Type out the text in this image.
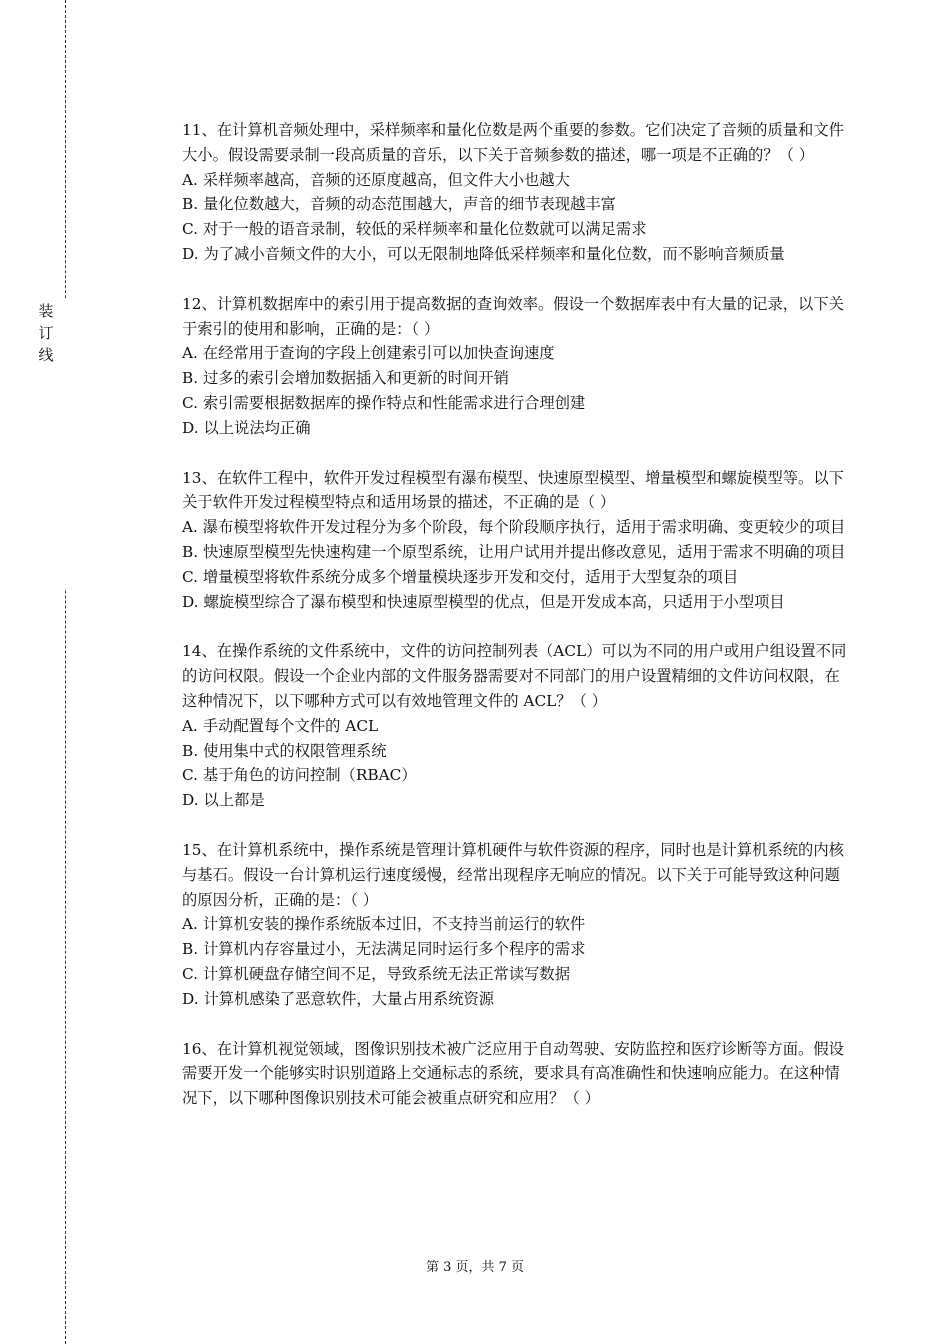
装
订
线

11、在计算机音频处理中，采样频率和量化位数是两个重要的参数。它们决定了音频的质量和文件大小。假设需要录制一段高质量的音乐，以下关于音频参数的描述，哪一项是不正确的？（ ）

A. 采样频率越高，音频的还原度越高，但文件大小也越大

B. 量化位数越大，音频的动态范围越大，声音的细节表现越丰富

C. 对于一般的语音录制，较低的采样频率和量化位数就可以满足需求

D. 为了减小音频文件的大小，可以无限制地降低采样频率和量化位数，而不影响音频质量

12、计算机数据库中的索引用于提高数据的查询效率。假设一个数据库表中有大量的记录，以下关于索引的使用和影响，正确的是：（ ）

A. 在经常用于查询的字段上创建索引可以加快查询速度

B. 过多的索引会增加数据插入和更新的时间开销

C. 索引需要根据数据库的操作特点和性能需求进行合理创建

D. 以上说法均正确

13、在软件工程中，软件开发过程模型有瀑布模型、快速原型模型、增量模型和螺旋模型等。以下关于软件开发过程模型特点和适用场景的描述，不正确的是（ ）

A. 瀑布模型将软件开发过程分为多个阶段，每个阶段顺序执行，适用于需求明确、变更较少的项目

B. 快速原型模型先快速构建一个原型系统，让用户试用并提出修改意见，适用于需求不明确的项目

C. 增量模型将软件系统分成多个增量模块逐步开发和交付，适用于大型复杂的项目

D. 螺旋模型综合了瀑布模型和快速原型模型的优点，但是开发成本高，只适用于小型项目

14、在操作系统的文件系统中，文件的访问控制列表（ACL）可以为不同的用户或用户组设置不同的访问权限。假设一个企业内部的文件服务器需要对不同部门的用户设置精细的文件访问权限，在这种情况下，以下哪种方式可以有效地管理文件的 ACL？（ ）

A. 手动配置每个文件的 ACL

B. 使用集中式的权限管理系统

C. 基于角色的访问控制（RBAC）

D. 以上都是

15、在计算机系统中，操作系统是管理计算机硬件与软件资源的程序，同时也是计算机系统的内核与基石。假设一台计算机运行速度缓慢，经常出现程序无响应的情况。以下关于可能导致这种问题的原因分析，正确的是：（ ）

A. 计算机安装的操作系统版本过旧，不支持当前运行的软件

B. 计算机内存容量过小，无法满足同时运行多个程序的需求

C. 计算机硬盘存储空间不足，导致系统无法正常读写数据

D. 计算机感染了恶意软件，大量占用系统资源

16、在计算机视觉领域，图像识别技术被广泛应用于自动驾驶、安防监控和医疗诊断等方面。假设需要开发一个能够实时识别道路上交通标志的系统，要求具有高准确性和快速响应能力。在这种情况下，以下哪种图像识别技术可能会被重点研究和应用？（ ）

第 3 页，共 7 页
